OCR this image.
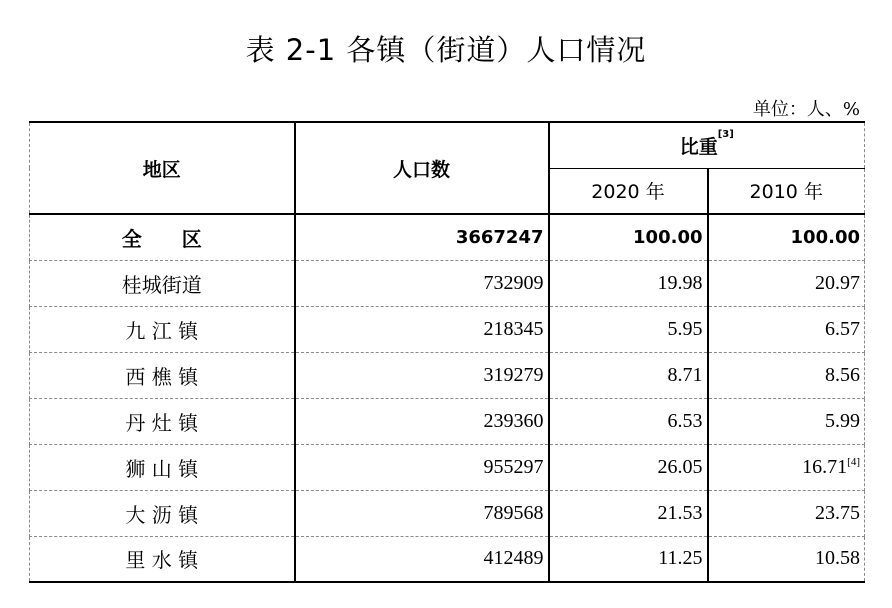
表 2-1 各镇（街道）人口情况
单位：人、%
地区	人口数	比重[3]
		2020 年	2010 年
全　　区	3667247	100.00	100.00
桂城街道	732909	19.98	20.97
九 江 镇	218345	5.95	6.57
西 樵 镇	319279	8.71	8.56
丹 灶 镇	239360	6.53	5.99
狮 山 镇	955297	26.05	16.71[4]
大 沥 镇	789568	21.53	23.75
里 水 镇	412489	11.25	10.58
